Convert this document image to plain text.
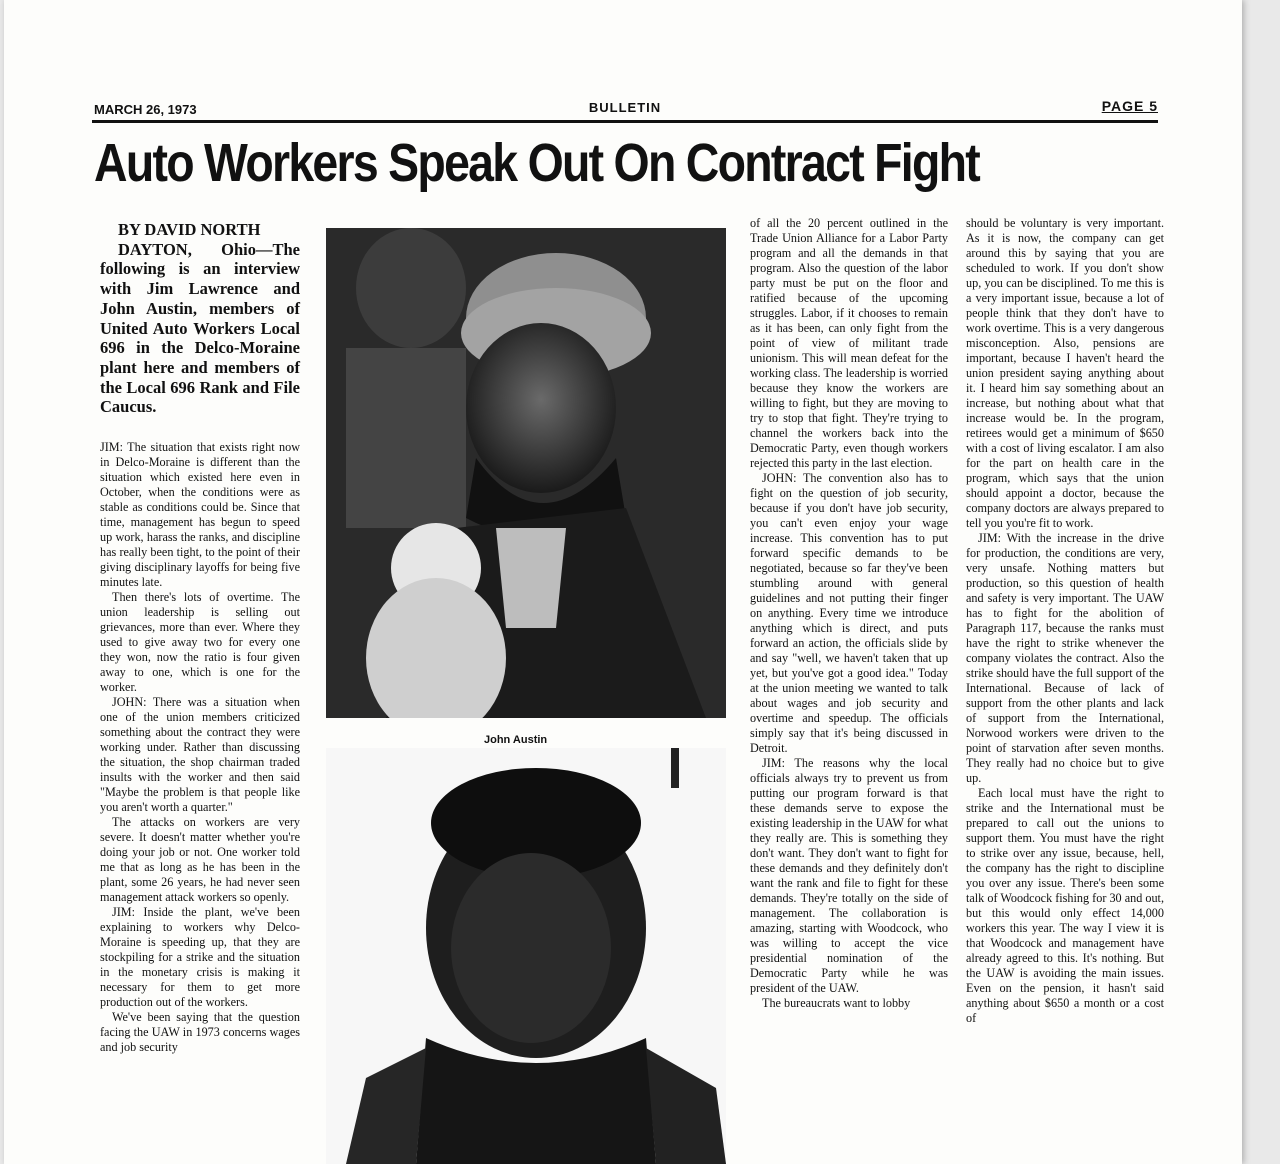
MARCH 26, 1973	BULLETIN	PAGE 5
Auto Workers Speak Out On Contract Fight
BY DAVID NORTH
DAYTON, Ohio—The following is an interview with Jim Lawrence and John Austin, members of United Auto Workers Local 696 in the Delco-Moraine plant here and members of the Local 696 Rank and File Caucus.

JIM: The situation that exists right now in Delco-Moraine is different than the situation which existed here even in October, when the conditions were as stable as conditions could be. Since that time, management has begun to speed up work, harass the ranks, and discipline has really been tight, to the point of their giving disciplinary layoffs for being five minutes late.

Then there's lots of overtime. The union leadership is selling out grievances, more than ever. Where they used to give away two for every one they won, now the ratio is four given away to one, which is one for the worker.

JOHN: There was a situation when one of the union members criticized something about the contract they were working under. Rather than discussing the situation, the shop chairman traded insults with the worker and then said "Maybe the problem is that people like you aren't worth a quarter."

The attacks on workers are very severe. It doesn't matter whether you're doing your job or not. One worker told me that as long as he has been in the plant, some 26 years, he had never seen management attack workers so openly.

JIM: Inside the plant, we've been explaining to workers why Delco-Moraine is speeding up, that they are stockpiling for a strike and the situation in the monetary crisis is making it necessary for them to get more production out of the workers.

We've been saying that the question facing the UAW in 1973 concerns wages and job security

John Austin

of all the 20 percent outlined in the Trade Union Alliance for a Labor Party program and all the demands in that program. Also the question of the labor party must be put on the floor and ratified because of the upcoming struggles. Labor, if it chooses to remain as it has been, can only fight from the point of view of militant trade unionism. This will mean defeat for the working class. The leadership is worried because they know the workers are willing to fight, but they are moving to try to stop that fight. They're trying to channel the workers back into the Democratic Party, even though workers rejected this party in the last election.

JOHN: The convention also has to fight on the question of job security, because if you don't have job security, you can't even enjoy your wage increase. This convention has to put forward specific demands to be negotiated, because so far they've been stumbling around with general guidelines and not putting their finger on anything. Every time we introduce anything which is direct, and puts forward an action, the officials slide by and say "well, we haven't taken that up yet, but you've got a good idea." Today at the union meeting we wanted to talk about wages and job security and overtime and speedup. The officials simply say that it's being discussed in Detroit.

JIM: The reasons why the local officials always try to prevent us from putting our program forward is that these demands serve to expose the existing leadership in the UAW for what they really are. This is something they don't want. They don't want to fight for these demands and they definitely don't want the rank and file to fight for these demands. They're totally on the side of management. The collaboration is amazing, starting with Woodcock, who was willing to accept the vice presidential nomination of the Democratic Party while he was president of the UAW.

The bureaucrats want to lobby

should be voluntary is very important. As it is now, the company can get around this by saying that you are scheduled to work. If you don't show up, you can be disciplined. To me this is a very important issue, because a lot of people think that they don't have to work overtime. This is a very dangerous misconception. Also, pensions are important, because I haven't heard the union president saying anything about it. I heard him say something about an increase, but nothing about what that increase would be. In the program, retirees would get a minimum of $650 with a cost of living escalator. I am also for the part on health care in the program, which says that the union should appoint a doctor, because the company doctors are always prepared to tell you you're fit to work.

JIM: With the increase in the drive for production, the conditions are very, very unsafe. Nothing matters but production, so this question of health and safety is very important. The UAW has to fight for the abolition of Paragraph 117, because the ranks must have the right to strike whenever the company violates the contract. Also the strike should have the full support of the International. Because of lack of support from the other plants and lack of support from the International, Norwood workers were driven to the point of starvation after seven months. They really had no choice but to give up.

Each local must have the right to strike and the International must be prepared to call out the unions to support them. You must have the right to strike over any issue, because, hell, the company has the right to discipline you over any issue. There's been some talk of Woodcock fishing for 30 and out, but this would only effect 14,000 workers this year. The way I view it is that Woodcock and management have already agreed to this. It's nothing. But the UAW is avoiding the main issues. Even on the pension, it hasn't said anything about $650 a month or a cost of
